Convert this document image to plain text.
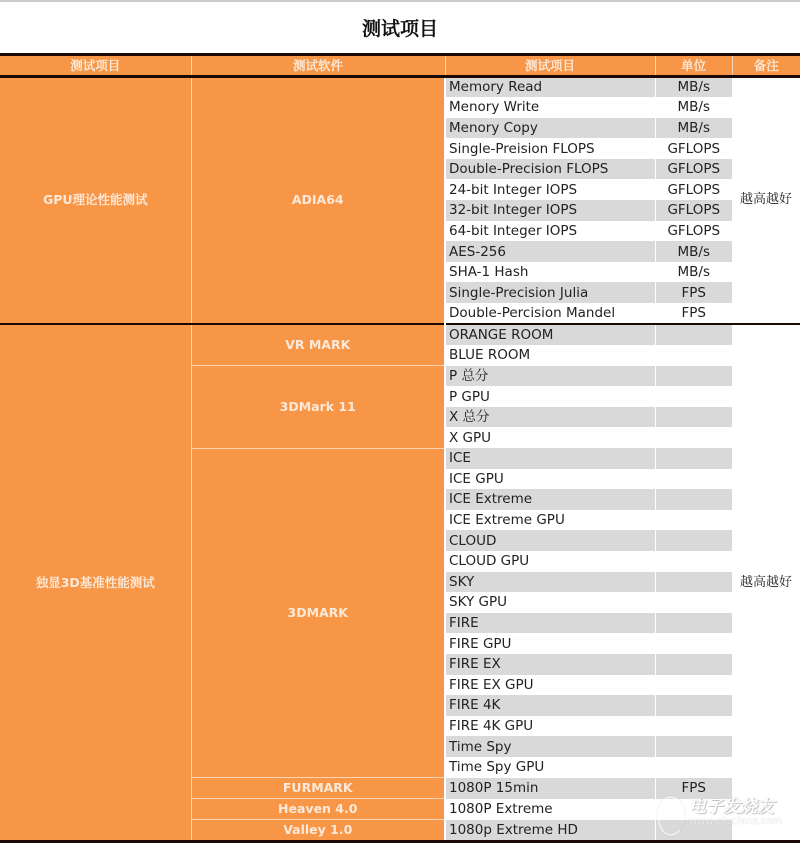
测试项目
测试项目	测试软件	测试项目	单位	备注
GPU理论性能测试	ADIA64	Memory Read	MB/s	越高越好
		Menory Write	MB/s	
		Menory Copy	MB/s	
		Single-Preision FLOPS	GFLOPS	
		Double-Precision FLOPS	GFLOPS	
		24-bit Integer IOPS	GFLOPS	
		32-bit Integer IOPS	GFLOPS	
		64-bit Integer IOPS	GFLOPS	
		AES-256	MB/s	
		SHA-1 Hash	MB/s	
		Single-Precision Julia	FPS	
		Double-Percision Mandel	FPS	
独显3D基准性能测试	VR MARK	ORANGE ROOM		越高越好
		BLUE ROOM		
	3DMark 11	P 总分		
		P GPU		
		X 总分		
		X GPU		
	3DMARK	ICE		
		ICE GPU		
		ICE Extreme		
		ICE Extreme GPU		
		CLOUD		
		CLOUD GPU		
		SKY		
		SKY GPU		
		FIRE		
		FIRE GPU		
		FIRE EX		
		FIRE EX GPU		
		FIRE 4K		
		FIRE 4K GPU		
		Time Spy		
		Time Spy GPU		
	FURMARK	1080P 15min	FPS	
	Heaven 4.0	1080P Extreme		
	Valley 1.0	1080p Extreme HD		
电子发烧友
www.elecfans.com
